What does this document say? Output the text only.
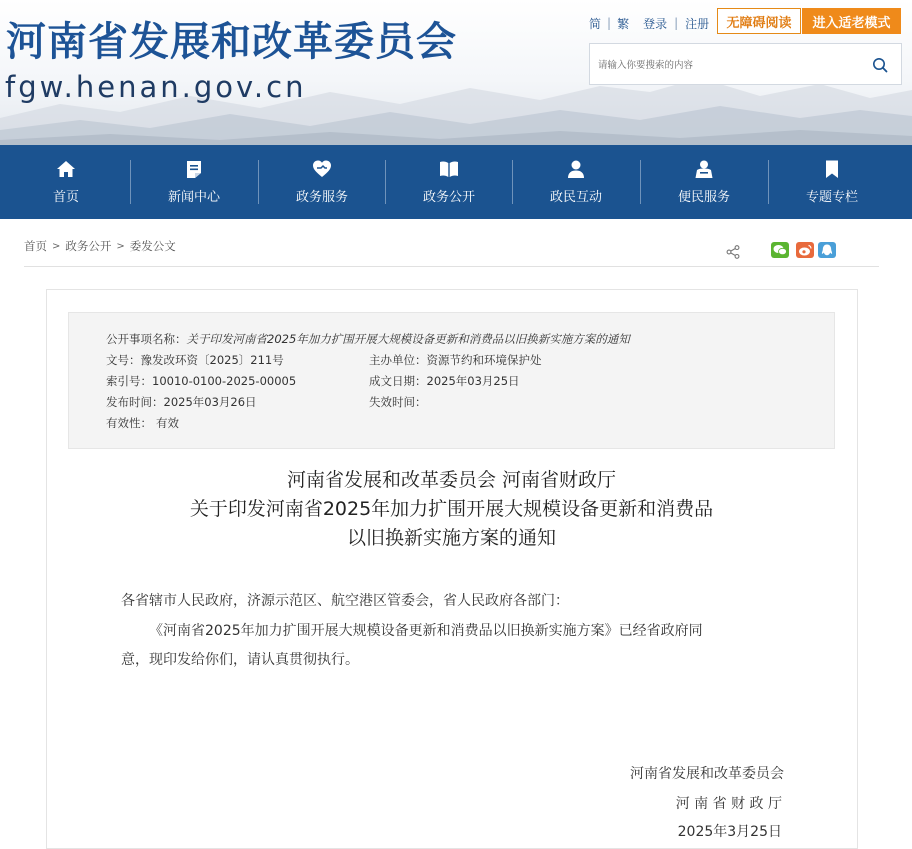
河南省发展和改革委员会
fgw.henan.gov.cn
简 | 繁 登录 | 注册	无障碍阅读	进入适老模式
请输入你要搜索的内容
首页	新闻中心	政务服务	政务公开	政民互动	便民服务	专题专栏
首页 > 政务公开 > 委发公文
公开事项名称：关于印发河南省2025年加力扩围开展大规模设备更新和消费品以旧换新实施方案的通知
文号：豫发改环资〔2025〕211号	主办单位：资源节约和环境保护处
索引号：10010-0100-2025-00005	成文日期：2025年03月25日
发布时间：2025年03月26日	失效时间：
有效性： 有效
河南省发展和改革委员会 河南省财政厅
关于印发河南省2025年加力扩围开展大规模设备更新和消费品
以旧换新实施方案的通知
各省辖市人民政府，济源示范区、航空港区管委会，省人民政府各部门：
《河南省2025年加力扩围开展大规模设备更新和消费品以旧换新实施方案》已经省政府同
意，现印发给你们，请认真贯彻执行。
河南省发展和改革委员会
河 南 省 财 政 厅
2025年3月25日
